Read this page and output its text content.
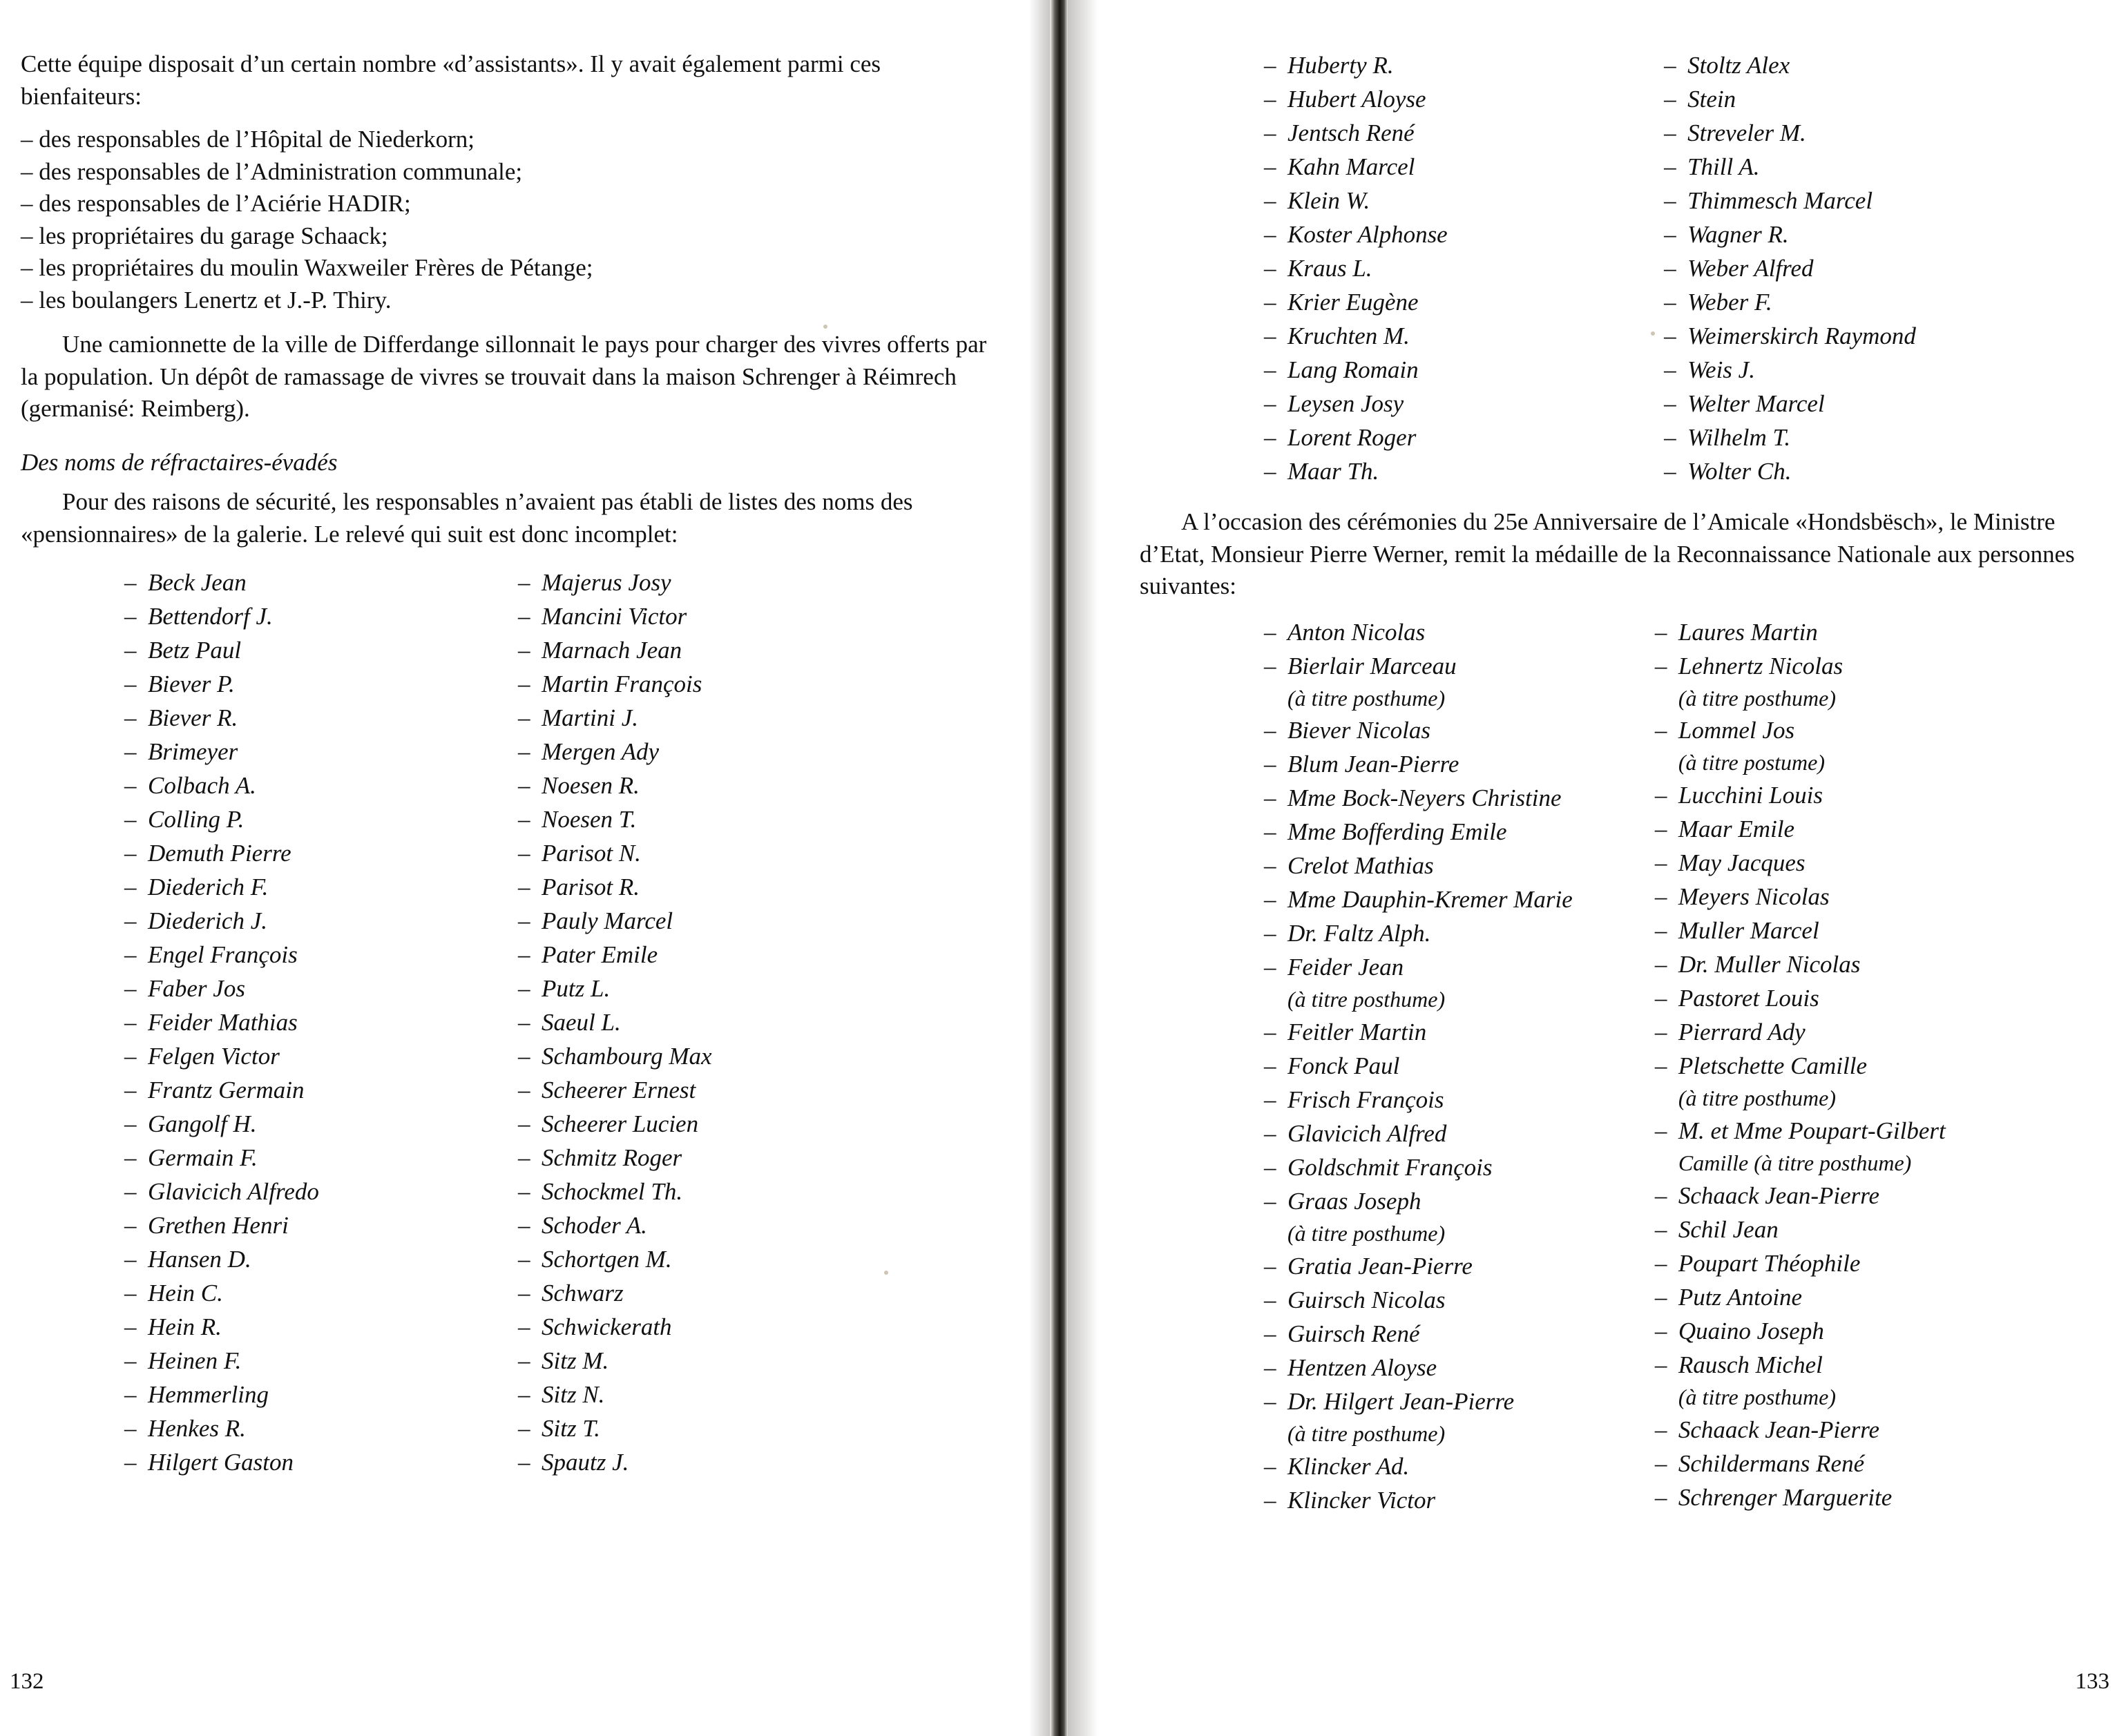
Cette équipe disposait d’un certain nombre «d’assistants». Il y avait également parmi ces bienfaiteurs:

– des responsables de l’Hôpital de Niederkorn;
– des responsables de l’Administration communale;
– des responsables de l’Aciérie HADIR;
– les propriétaires du garage Schaack;
– les propriétaires du moulin Waxweiler Frères de Pétange;
– les boulangers Lenertz et J.-P. Thiry.

Une camionnette de la ville de Differdange sillonnait le pays pour charger des vivres offerts par la population. Un dépôt de ramassage de vivres se trouvait dans la maison Schrenger à Réimrech (germanisé: Reimberg).

Des noms de réfractaires-évadés

Pour des raisons de sécurité, les responsables n’avaient pas établi de listes des noms des «pensionnaires» de la galerie. Le relevé qui suit est donc incomplet:

– Beck Jean
– Bettendorf J.
– Betz Paul
– Biever P.
– Biever R.
– Brimeyer
– Colbach A.
– Colling P.
– Demuth Pierre
– Diederich F.
– Diederich J.
– Engel François
– Faber Jos
– Feider Mathias
– Felgen Victor
– Frantz Germain
– Gangolf H.
– Germain F.
– Glavicich Alfredo
– Grethen Henri
– Hansen D.
– Hein C.
– Hein R.
– Heinen F.
– Hemmerling
– Henkes R.
– Hilgert Gaston
– Majerus Josy
– Mancini Victor
– Marnach Jean
– Martin François
– Martini J.
– Mergen Ady
– Noesen R.
– Noesen T.
– Parisot N.
– Parisot R.
– Pauly Marcel
– Pater Emile
– Putz L.
– Saeul L.
– Schambourg Max
– Scheerer Ernest
– Scheerer Lucien
– Schmitz Roger
– Schockmel Th.
– Schoder A.
– Schortgen M.
– Schwarz
– Schwickerath
– Sitz M.
– Sitz N.
– Sitz T.
– Spautz J.
132
– Huberty R.
– Hubert Aloyse
– Jentsch René
– Kahn Marcel
– Klein W.
– Koster Alphonse
– Kraus L.
– Krier Eugène
– Kruchten M.
– Lang Romain
– Leysen Josy
– Lorent Roger
– Maar Th.
– Stoltz Alex
– Stein
– Streveler M.
– Thill A.
– Thimmesch Marcel
– Wagner R.
– Weber Alfred
– Weber F.
– Weimerskirch Raymond
– Weis J.
– Welter Marcel
– Wilhelm T.
– Wolter Ch.

A l’occasion des cérémonies du 25e Anniversaire de l’Amicale «Hondsbësch», le Ministre d’Etat, Monsieur Pierre Werner, remit la médaille de la Reconnaissance Nationale aux personnes suivantes:

– Anton Nicolas
– Bierlair Marceau
(à titre posthume)
– Biever Nicolas
– Blum Jean-Pierre
– Mme Bock-Neyers Christine
– Mme Bofferding Emile
– Crelot Mathias
– Mme Dauphin-Kremer Marie
– Dr. Faltz Alph.
– Feider Jean
(à titre posthume)
– Feitler Martin
– Fonck Paul
– Frisch François
– Glavicich Alfred
– Goldschmit François
– Graas Joseph
(à titre posthume)
– Gratia Jean-Pierre
– Guirsch Nicolas
– Guirsch René
– Hentzen Aloyse
– Dr. Hilgert Jean-Pierre
(à titre posthume)
– Klincker Ad.
– Klincker Victor
– Laures Martin
– Lehnertz Nicolas
(à titre posthume)
– Lommel Jos
(à titre postume)
– Lucchini Louis
– Maar Emile
– May Jacques
– Meyers Nicolas
– Muller Marcel
– Dr. Muller Nicolas
– Pastoret Louis
– Pierrard Ady
– Pletschette Camille
(à titre posthume)
– M. et Mme Poupart-Gilbert
Camille (à titre posthume)
– Schaack Jean-Pierre
– Schil Jean
– Poupart Théophile
– Putz Antoine
– Quaino Joseph
– Rausch Michel
(à titre posthume)
– Schaack Jean-Pierre
– Schildermans René
– Schrenger Marguerite
133
